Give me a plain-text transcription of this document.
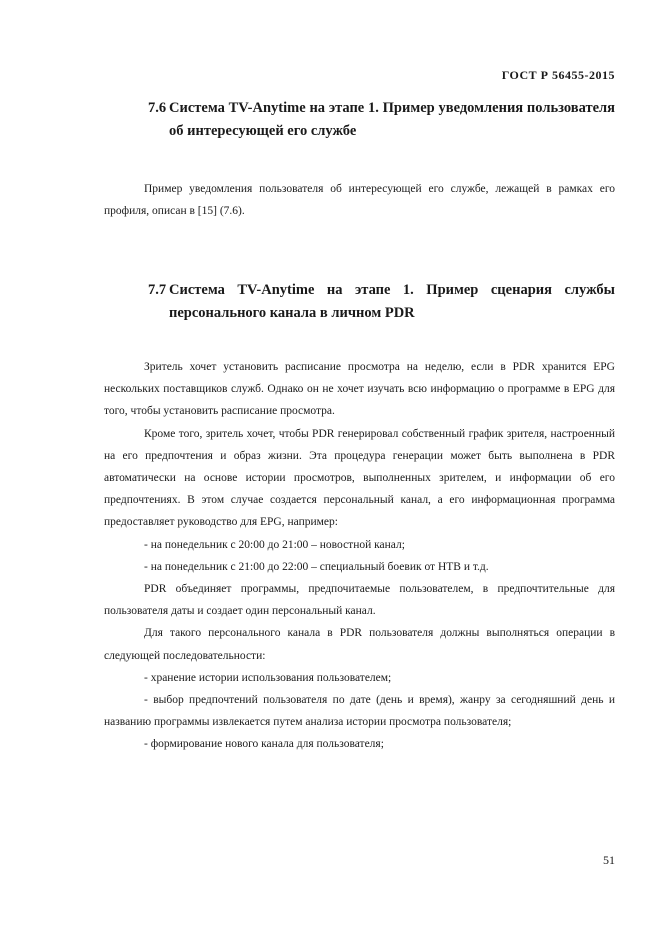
ГОСТ Р 56455-2015
7.6 Система TV-Anytime на этапе 1. Пример уведомления пользователя об интересующей его службе

Пример уведомления пользователя об интересующей его службе, лежащей в рамках его профиля, описан в [15] (7.6).

7.7 Система TV-Anytime на этапе 1. Пример сценария службы персонального канала в личном PDR

Зритель хочет установить расписание просмотра на неделю, если в PDR хранится EPG нескольких поставщиков служб. Однако он не хочет изучать всю информацию о программе в EPG для того, чтобы установить расписание просмотра.

Кроме того, зритель хочет, чтобы PDR генерировал собственный график зрителя, настроенный на его предпочтения и образ жизни. Эта процедура генерации может быть выполнена в PDR автоматически на основе истории просмотров, выполненных зрителем, и информации об его предпочтениях. В этом случае создается персональный канал, а его информационная программа предоставляет руководство для EPG, например:

- на понедельник с 20:00 до 21:00 – новостной канал;

- на понедельник с 21:00 до 22:00 – специальный боевик от НТВ и т.д.

PDR объединяет программы, предпочитаемые пользователем, в предпочтительные для пользователя даты и создает один персональный канал.

Для такого персонального канала в PDR пользователя должны выполняться операции в следующей последовательности:

- хранение истории использования пользователем;

- выбор предпочтений пользователя по дате (день и время), жанру за сегодняшний день и названию программы извлекается путем анализа истории просмотра пользователя;

- формирование нового канала для пользователя;

51
